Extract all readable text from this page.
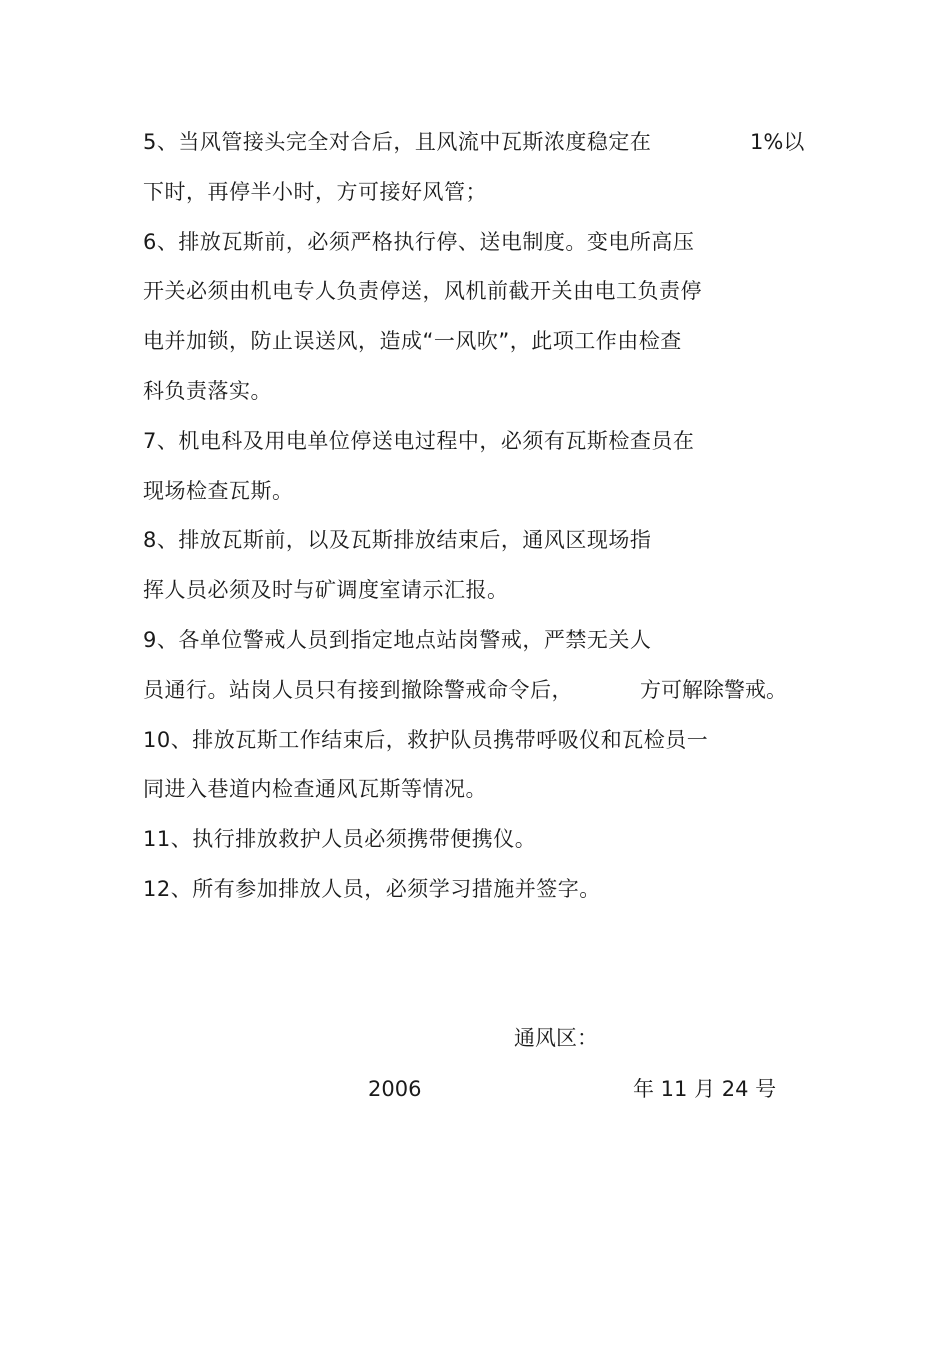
5、当风管接头完全对合后，且风流中瓦斯浓度稳定在	1%以
下时，再停半小时，方可接好风管；
6、排放瓦斯前，必须严格执行停、送电制度。变电所高压
开关必须由机电专人负责停送，风机前截开关由电工负责停
电并加锁，防止误送风，造成“一风吹”，此项工作由检查
科负责落实。
7、机电科及用电单位停送电过程中，必须有瓦斯检查员在
现场检查瓦斯。
8、排放瓦斯前，以及瓦斯排放结束后，通风区现场指
挥人员必须及时与矿调度室请示汇报。
9、各单位警戒人员到指定地点站岗警戒，严禁无关人
员通行。站岗人员只有接到撤除警戒命令后，	方可解除警戒。
10、排放瓦斯工作结束后，救护队员携带呼吸仪和瓦检员一
同进入巷道内检查通风瓦斯等情况。
11、执行排放救护人员必须携带便携仪。
12、所有参加排放人员，必须学习措施并签字。
通风区：
2006	年 11 月 24 号
